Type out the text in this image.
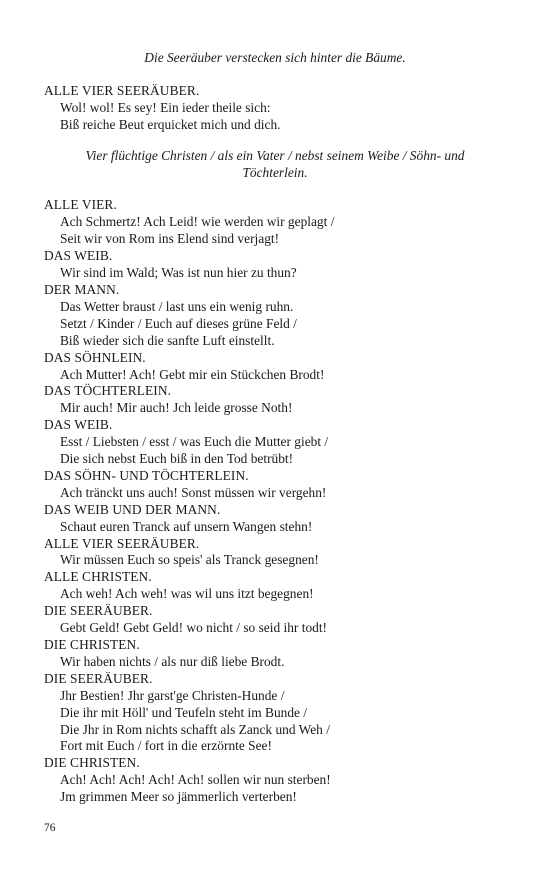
Die Seeräuber verstecken sich hinter die Bäume.
ALLE VIER SEERÄUBER.
Wol! wol! Es sey! Ein ieder theile sich:
Biß reiche Beut erquicket mich und dich.
Vier flüchtige Christen / als ein Vater / nebst seinem Weibe / Söhn- und
Töchterlein.
ALLE VIER.
Ach Schmertz! Ach Leid! wie werden wir geplagt /
Seit wir von Rom ins Elend sind verjagt!
DAS WEIB.
Wir sind im Wald; Was ist nun hier zu thun?
DER MANN.
Das Wetter braust / last uns ein wenig ruhn.
Setzt / Kinder / Euch auf dieses grüne Feld /
Biß wieder sich die sanfte Luft einstellt.
DAS SÖHNLEIN.
Ach Mutter! Ach! Gebt mir ein Stückchen Brodt!
DAS TÖCHTERLEIN.
Mir auch! Mir auch! Jch leide grosse Noth!
DAS WEIB.
Esst / Liebsten / esst / was Euch die Mutter giebt /
Die sich nebst Euch biß in den Tod betrübt!
DAS SÖHN- UND TÖCHTERLEIN.
Ach tränckt uns auch! Sonst müssen wir vergehn!
DAS WEIB UND DER MANN.
Schaut euren Tranck auf unsern Wangen stehn!
ALLE VIER SEERÄUBER.
Wir müssen Euch so speis' als Tranck gesegnen!
ALLE CHRISTEN.
Ach weh! Ach weh! was wil uns itzt begegnen!
DIE SEERÄUBER.
Gebt Geld! Gebt Geld! wo nicht / so seid ihr todt!
DIE CHRISTEN.
Wir haben nichts / als nur diß liebe Brodt.
DIE SEERÄUBER.
Jhr Bestien! Jhr garst'ge Christen-Hunde /
Die ihr mit Höll' und Teufeln steht im Bunde /
Die Jhr in Rom nichts schafft als Zanck und Weh /
Fort mit Euch / fort in die erzörnte See!
DIE CHRISTEN.
Ach! Ach! Ach! Ach! Ach! sollen wir nun sterben!
Jm grimmen Meer so jämmerlich verterben!
76
